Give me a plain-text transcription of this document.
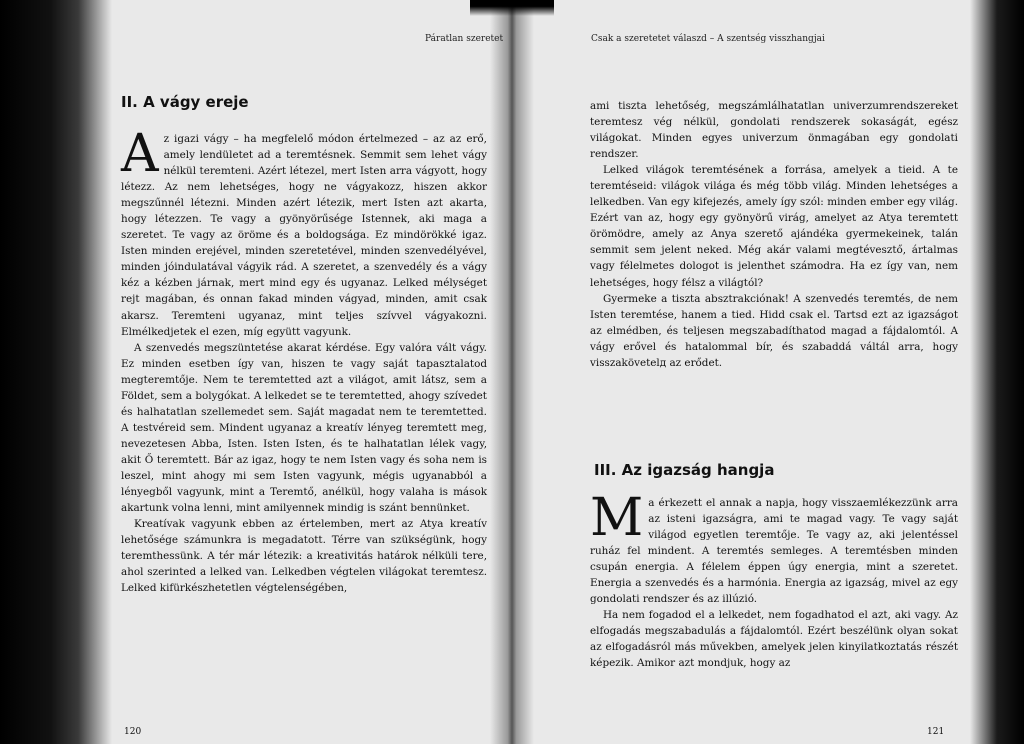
Páratlan szeretet
II. A vágy ereje

Az igazi vágy – ha megfelelő módon értelmezed – az az erő, amely lendületet ad a teremtésnek. Semmit sem lehet vágy nélkül teremteni. Azért létezel, mert Isten arra vágyott, hogy létezz. Az nem lehetséges, hogy ne vágyakozz, hiszen akkor megszűnnél létezni. Minden azért létezik, mert Isten azt akarta, hogy létezzen. Te vagy a gyönyörűsége Istennek, aki maga a szeretet. Te vagy az öröme és a boldogsága. Ez mindörökké igaz. Isten minden erejével, minden szeretetével, minden szenvedélyével, minden jóindulatával vágyik rád. A szeretet, a szenvedély és a vágy kéz a kézben járnak, mert mind egy és ugyanaz. Lelked mélységet rejt magában, és onnan fakad minden vágyad, minden, amit csak akarsz. Teremteni ugyanaz, mint teljes szívvel vágyakozni. Elmélkedjetek el ezen, míg együtt vagyunk.

A szenvedés megszüntetése akarat kérdése. Egy valóra vált vágy. Ez minden esetben így van, hiszen te vagy saját tapasztalatod megteremtője. Nem te teremtetted azt a világot, amit látsz, sem a Földet, sem a bolygókat. A lelkedet se te teremtetted, ahogy szívedet és halhatatlan szellemedet sem. Saját magadat nem te teremtetted. A testvéreid sem. Mindent ugyanaz a kreatív lényeg teremtett meg, nevezetesen Abba, Isten. Isten Isten, és te halhatatlan lélek vagy, akit Ő teremtett. Bár az igaz, hogy te nem Isten vagy és soha nem is leszel, mint ahogy mi sem Isten vagyunk, mégis ugyanabból a lényegből vagyunk, mint a Teremtő, anélkül, hogy valaha is mások akartunk volna lenni, mint amilyennek mindig is szánt bennünket.

Kreatívak vagyunk ebben az értelemben, mert az Atya kreatív lehetősége számunkra is megadatott. Térre van szükségünk, hogy teremthessünk. A tér már létezik: a kreativitás határok nélküli tere, ahol szerinted a lelked van. Lelkedben végtelen világokat teremtesz. Lelked kifürkészhetetlen végtelenségében,

120
Csak a szeretetet válaszd – A szentség visszhangjai

ami tiszta lehetőség, megszámlálhatatlan univerzumrendszereket teremtesz vég nélkül, gondolati rendszerek sokaságát, egész világokat. Minden egyes univerzum önmagában egy gondolati rendszer.

Lelked világok teremtésének a forrása, amelyek a tieid. A te teremtéseid: világok világa és még több világ. Minden lehetséges a lelkedben. Van egy kifejezés, amely így szól: minden ember egy világ. Ezért van az, hogy egy gyönyörű virág, amelyet az Atya teremtett örömödre, amely az Anya szerető ajándéka gyermekeinek, talán semmit sem jelent neked. Még akár valami megtévesztő, ártalmas vagy félelmetes dologot is jelenthet számodra. Ha ez így van, nem lehetséges, hogy félsz a világtól?

Gyermeke a tiszta absztrakciónak! A szenvedés teremtés, de nem Isten teremtése, hanem a tied. Hidd csak el. Tartsd ezt az igazságot az elmédben, és teljesen megszabadíthatod magad a fájdalomtól. A vágy erővel és hatalommal bír, és szabaddá váltál arra, hogy visszakövetelд az erődet.

III. Az igazság hangja

Ma érkezett el annak a napja, hogy visszaemlékezzünk arra az isteni igazságra, ami te magad vagy. Te vagy saját világod egyetlen teremtője. Te vagy az, aki jelentéssel ruház fel mindent. A teremtés semleges. A teremtésben minden csupán energia. A félelem éppen úgy energia, mint a szeretet. Energia a szenvedés és a harmónia. Energia az igazság, mivel az egy gondolati rendszer és az illúzió.

Ha nem fogadod el a lelkedet, nem fogadhatod el azt, aki vagy. Az elfogadás megszabadulás a fájdalomtól. Ezért beszélünk olyan sokat az elfogadásról más művekben, amelyek jelen kinyilatkoztatás részét képezik. Amikor azt mondjuk, hogy az

121
